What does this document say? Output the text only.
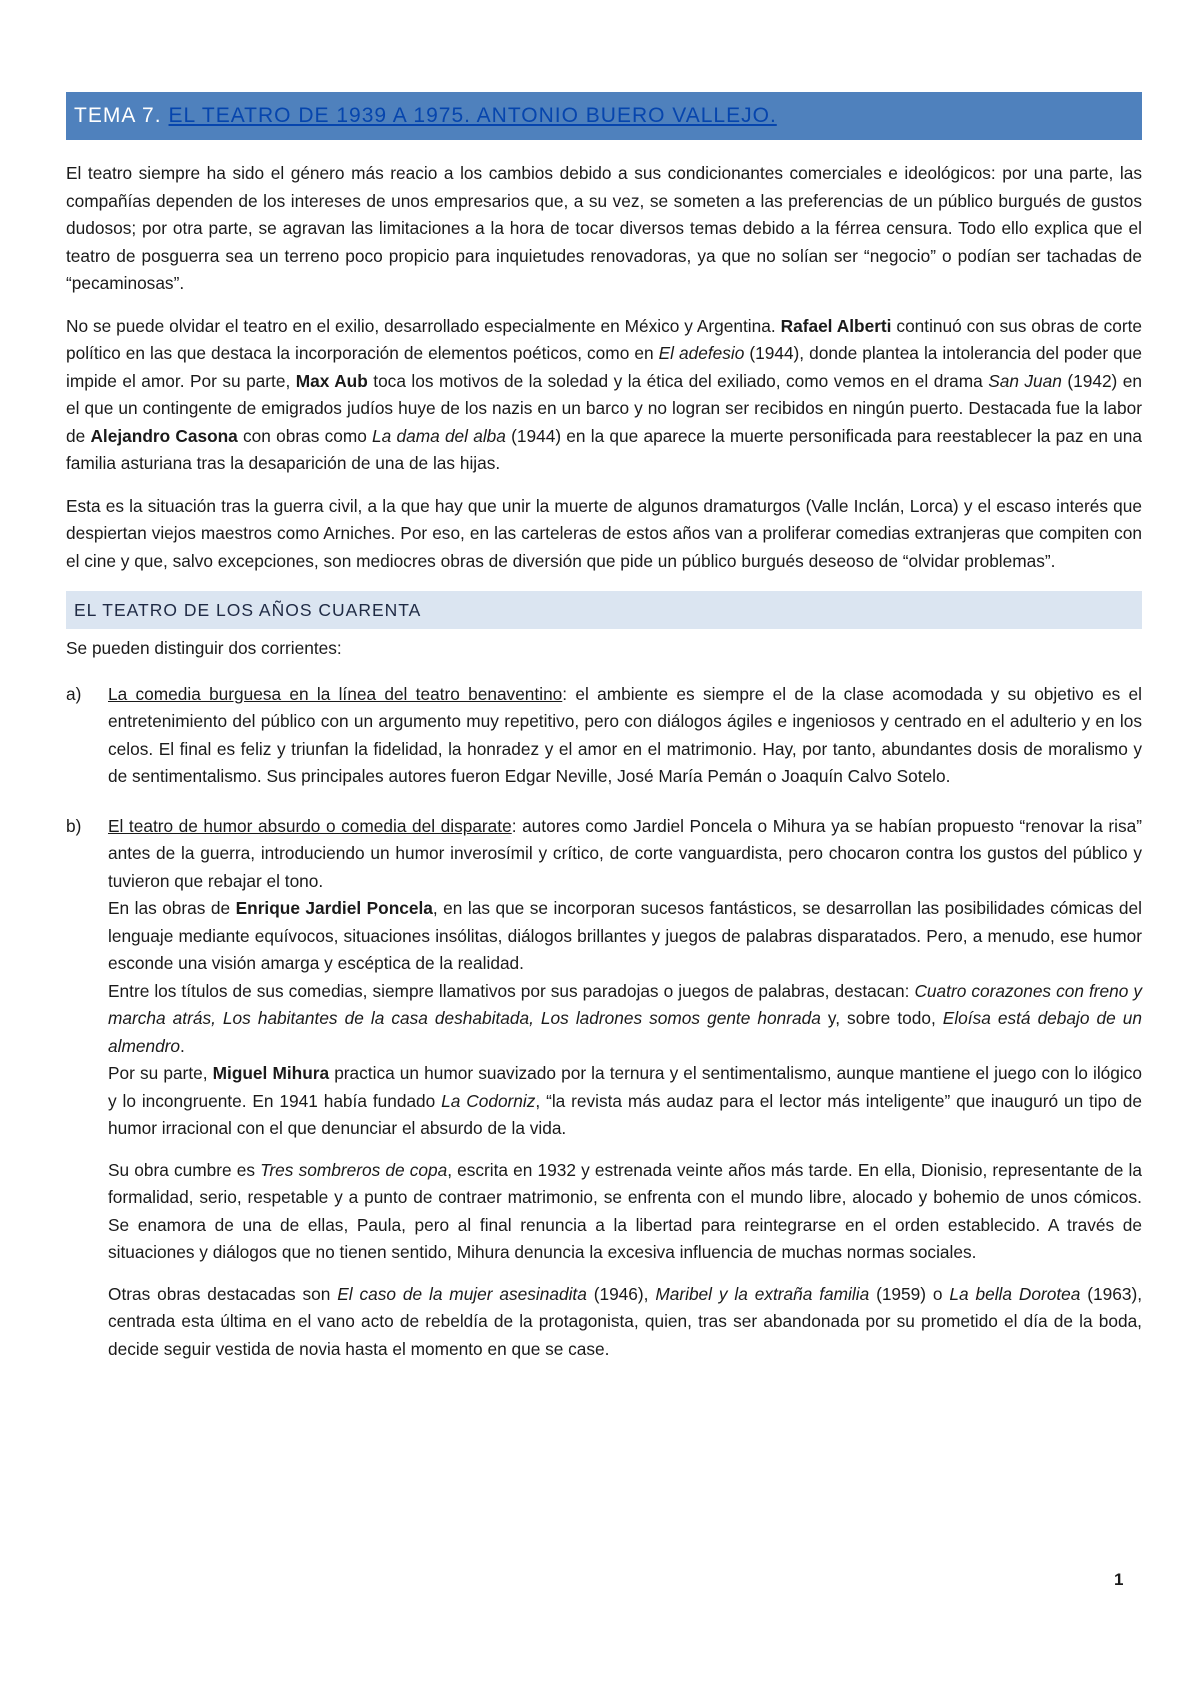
TEMA 7. EL TEATRO DE 1939 A 1975. ANTONIO BUERO VALLEJO.

El teatro siempre ha sido el género más reacio a los cambios debido a sus condicionantes comerciales e ideológicos: por una parte, las compañías dependen de los intereses de unos empresarios que, a su vez, se someten a las preferencias de un público burgués de gustos dudosos; por otra parte, se agravan las limitaciones a la hora de tocar diversos temas debido a la férrea censura. Todo ello explica que el teatro de posguerra sea un terreno poco propicio para inquietudes renovadoras, ya que no solían ser “negocio” o podían ser tachadas de “pecaminosas”.

No se puede olvidar el teatro en el exilio, desarrollado especialmente en México y Argentina. Rafael Alberti continuó con sus obras de corte político en las que destaca la incorporación de elementos poéticos, como en El adefesio (1944), donde plantea la intolerancia del poder que impide el amor. Por su parte, Max Aub toca los motivos de la soledad y la ética del exiliado, como vemos en el drama San Juan (1942) en el que un contingente de emigrados judíos huye de los nazis en un barco y no logran ser recibidos en ningún puerto. Destacada fue la labor de Alejandro Casona con obras como La dama del alba (1944) en la que aparece la muerte personificada para reestablecer la paz en una familia asturiana tras la desaparición de una de las hijas.

Esta es la situación tras la guerra civil, a la que hay que unir la muerte de algunos dramaturgos (Valle Inclán, Lorca) y el escaso interés que despiertan viejos maestros como Arniches. Por eso, en las carteleras de estos años van a proliferar comedias extranjeras que compiten con el cine y que, salvo excepciones, son mediocres obras de diversión que pide un público burgués deseoso de “olvidar problemas”.

EL TEATRO DE LOS AÑOS CUARENTA

Se pueden distinguir dos corrientes:

a)	La comedia burguesa en la línea del teatro benaventino: el ambiente es siempre el de la clase acomodada y su objetivo es el entretenimiento del público con un argumento muy repetitivo, pero con diálogos ágiles e ingeniosos y centrado en el adulterio y en los celos. El final es feliz y triunfan la fidelidad, la honradez y el amor en el matrimonio. Hay, por tanto, abundantes dosis de moralismo y de sentimentalismo. Sus principales autores fueron Edgar Neville, José María Pemán o Joaquín Calvo Sotelo.

b)	El teatro de humor absurdo o comedia del disparate: autores como Jardiel Poncela o Mihura ya se habían propuesto “renovar la risa” antes de la guerra, introduciendo un humor inverosímil y crítico, de corte vanguardista, pero chocaron contra los gustos del público y tuvieron que rebajar el tono.

En las obras de Enrique Jardiel Poncela, en las que se incorporan sucesos fantásticos, se desarrollan las posibilidades cómicas del lenguaje mediante equívocos, situaciones insólitas, diálogos brillantes y juegos de palabras disparatados. Pero, a menudo, ese humor esconde una visión amarga y escéptica de la realidad.

Entre los títulos de sus comedias, siempre llamativos por sus paradojas o juegos de palabras, destacan: Cuatro corazones con freno y marcha atrás, Los habitantes de la casa deshabitada, Los ladrones somos gente honrada y, sobre todo, Eloísa está debajo de un almendro.

Por su parte, Miguel Mihura practica un humor suavizado por la ternura y el sentimentalismo, aunque mantiene el juego con lo ilógico y lo incongruente. En 1941 había fundado La Codorniz, “la revista más audaz para el lector más inteligente” que inauguró un tipo de humor irracional con el que denunciar el absurdo de la vida.

Su obra cumbre es Tres sombreros de copa, escrita en 1932 y estrenada veinte años más tarde. En ella, Dionisio, representante de la formalidad, serio, respetable y a punto de contraer matrimonio, se enfrenta con el mundo libre, alocado y bohemio de unos cómicos. Se enamora de una de ellas, Paula, pero al final renuncia a la libertad para reintegrarse en el orden establecido. A través de situaciones y diálogos que no tienen sentido, Mihura denuncia la excesiva influencia de muchas normas sociales.

Otras obras destacadas son El caso de la mujer asesinadita (1946), Maribel y la extraña familia (1959) o La bella Dorotea (1963), centrada esta última en el vano acto de rebeldía de la protagonista, quien, tras ser abandonada por su prometido el día de la boda, decide seguir vestida de novia hasta el momento en que se case.

1
